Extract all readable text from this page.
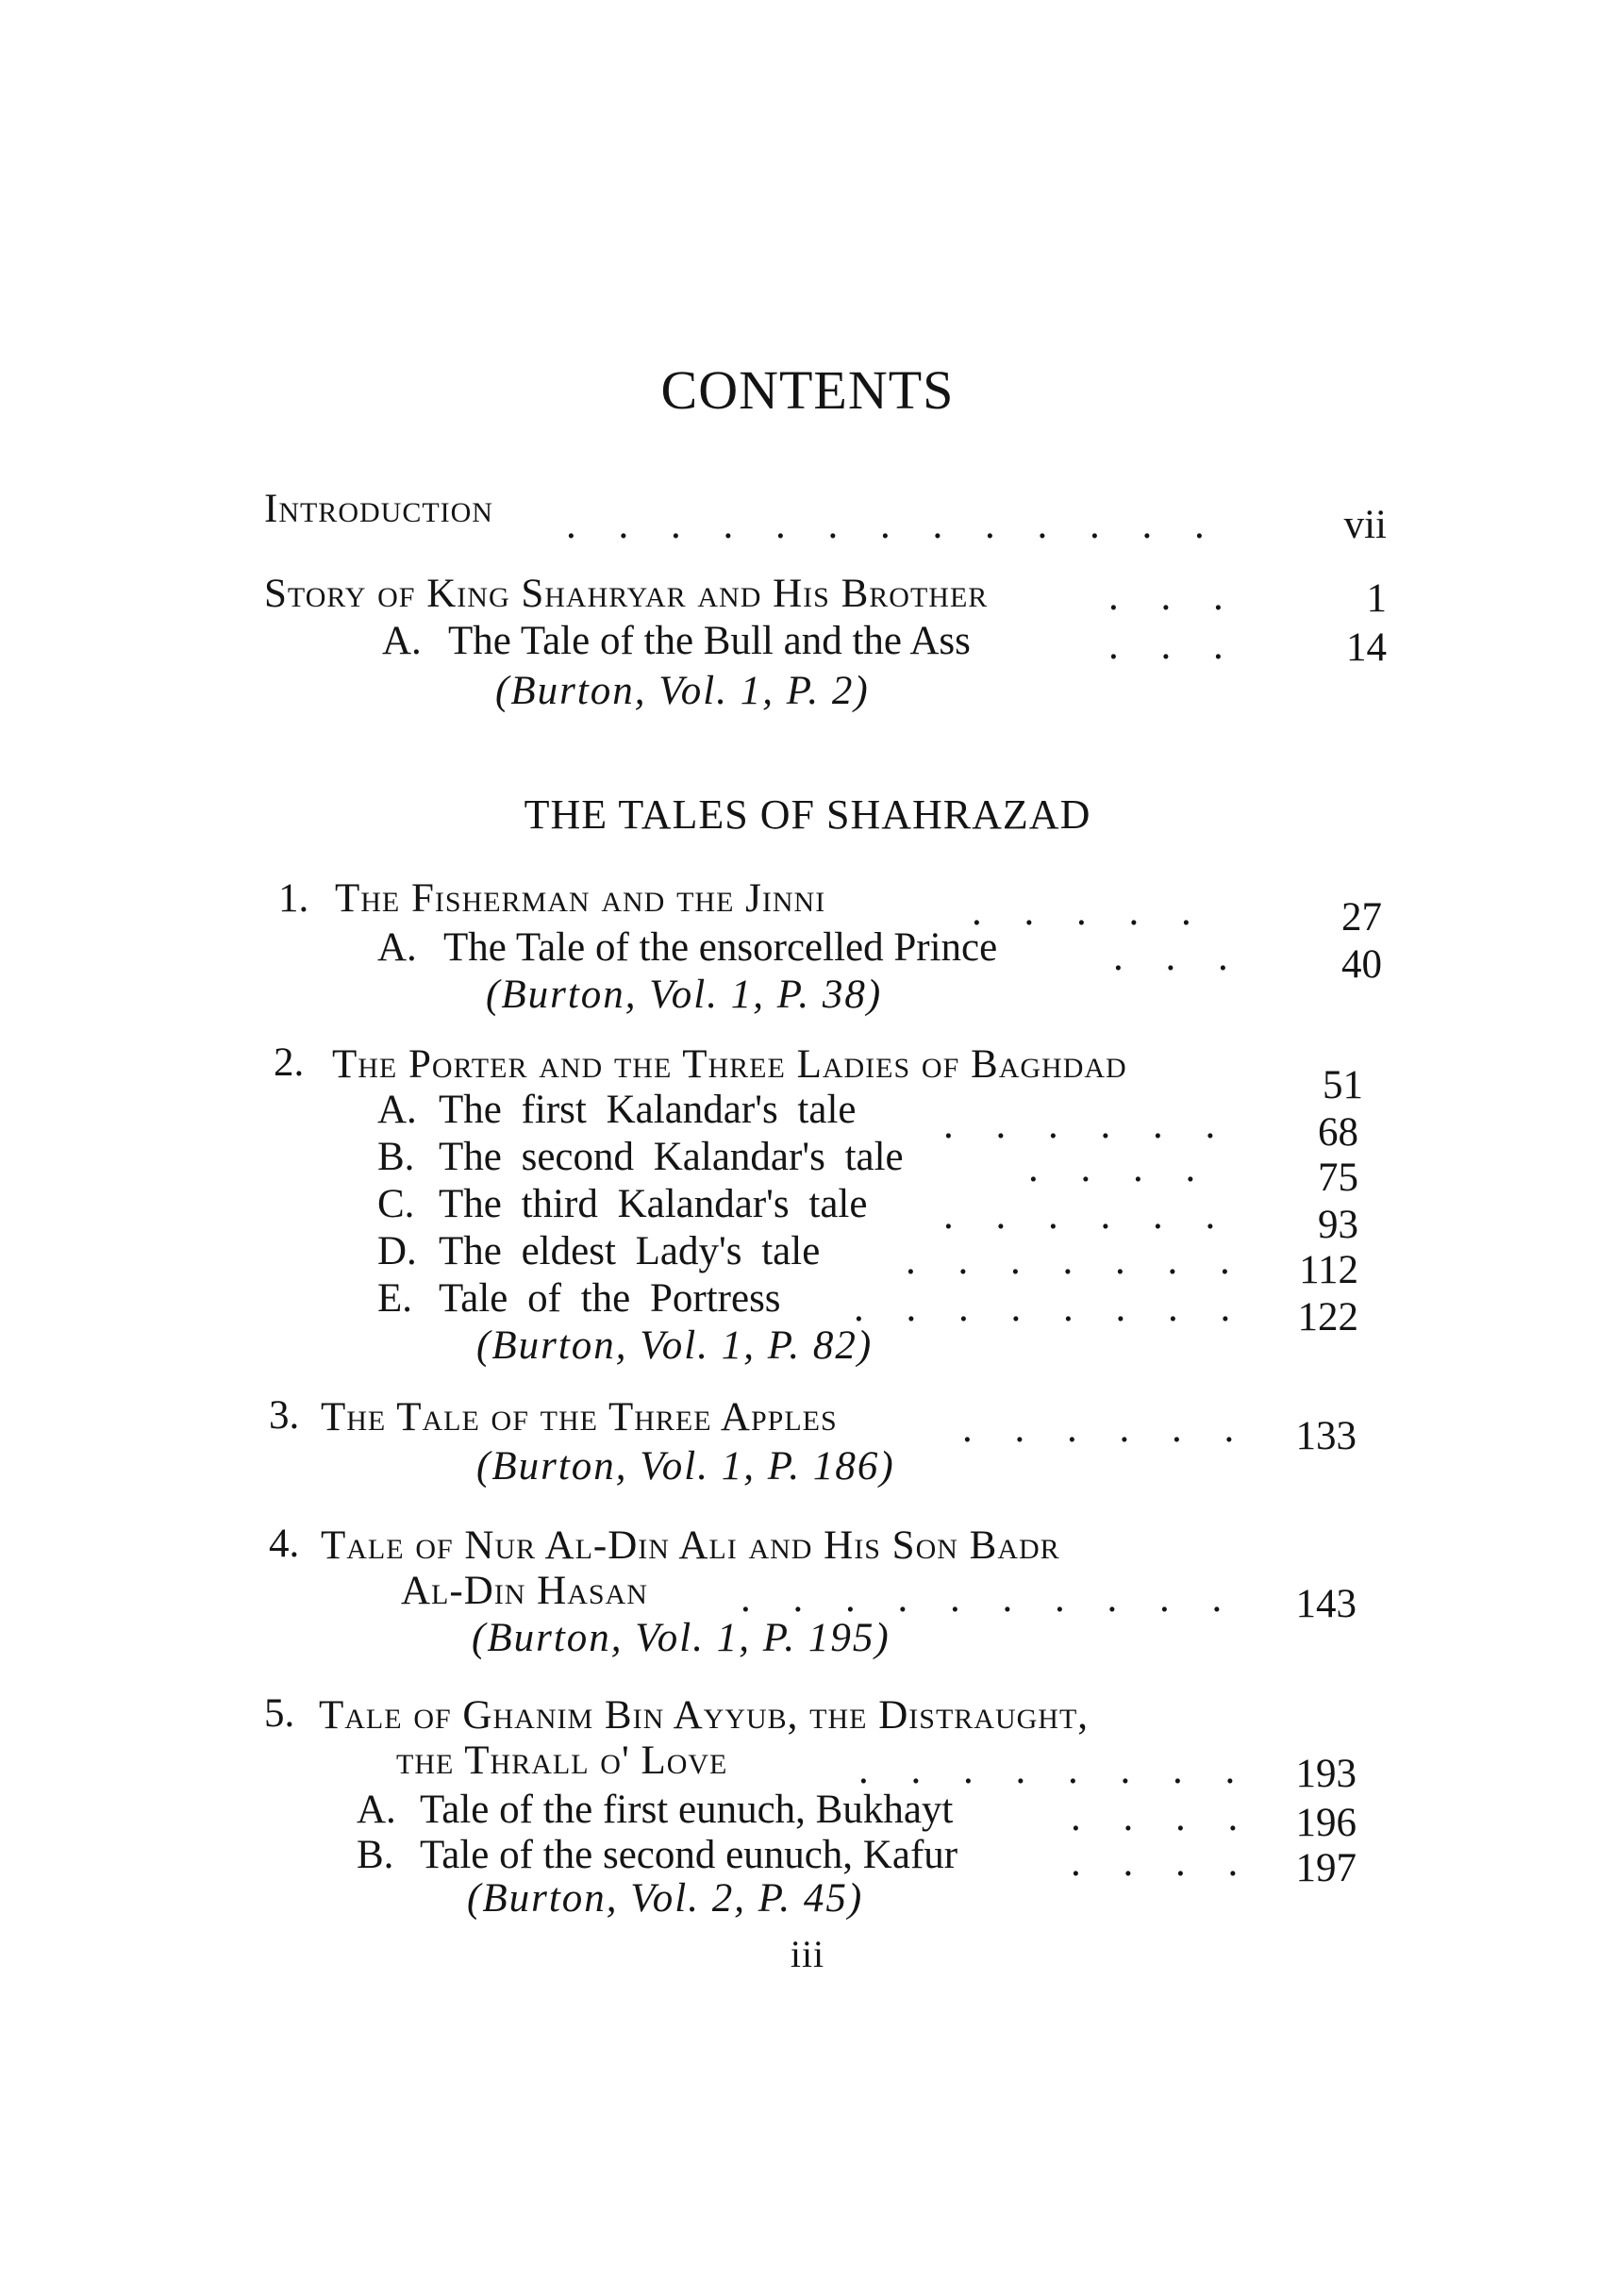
CONTENTS
Introduction . . . . . . . . . . . . .	vii
Story of King Shahryar and His Brother	. . .	1
A. The Tale of the Bull and the Ass	. . .	14
(Burton, Vol. 1, P. 2)
THE TALES OF SHAHRAZAD
1. The Fisherman and the Jinni	. . . . .	27
A. The Tale of the ensorcelled Prince	. . .	40
(Burton, Vol. 1, P. 38)
2. The Porter and the Three Ladies of Baghdad	51
A. The first Kalandar's tale . . . . . .	68
B. The second Kalandar's tale	. . . .	75
C. The third Kalandar's tale . . . . . .	93
D. The eldest Lady's tale . . . . . . .	112
E. Tale of the Portress . . . . . . . .	122
(Burton, Vol. 1, P. 82)
3. The Tale of the Three Apples	. . . . . .	133
(Burton, Vol. 1, P. 186)
4. Tale of Nur Al-Din Ali and His Son Badr
Al-Din Hasan . . . . . . . . . .	143
(Burton, Vol. 1, P. 195)
5. Tale of Ghanim Bin Ayyub, the Distraught,
the Thrall o' Love	. . . . . . . .	193
A. Tale of the first eunuch, Bukhayt	. . . .	196
B. Tale of the second eunuch, Kafur	. . . .	197
(Burton, Vol. 2, P. 45)
iii
